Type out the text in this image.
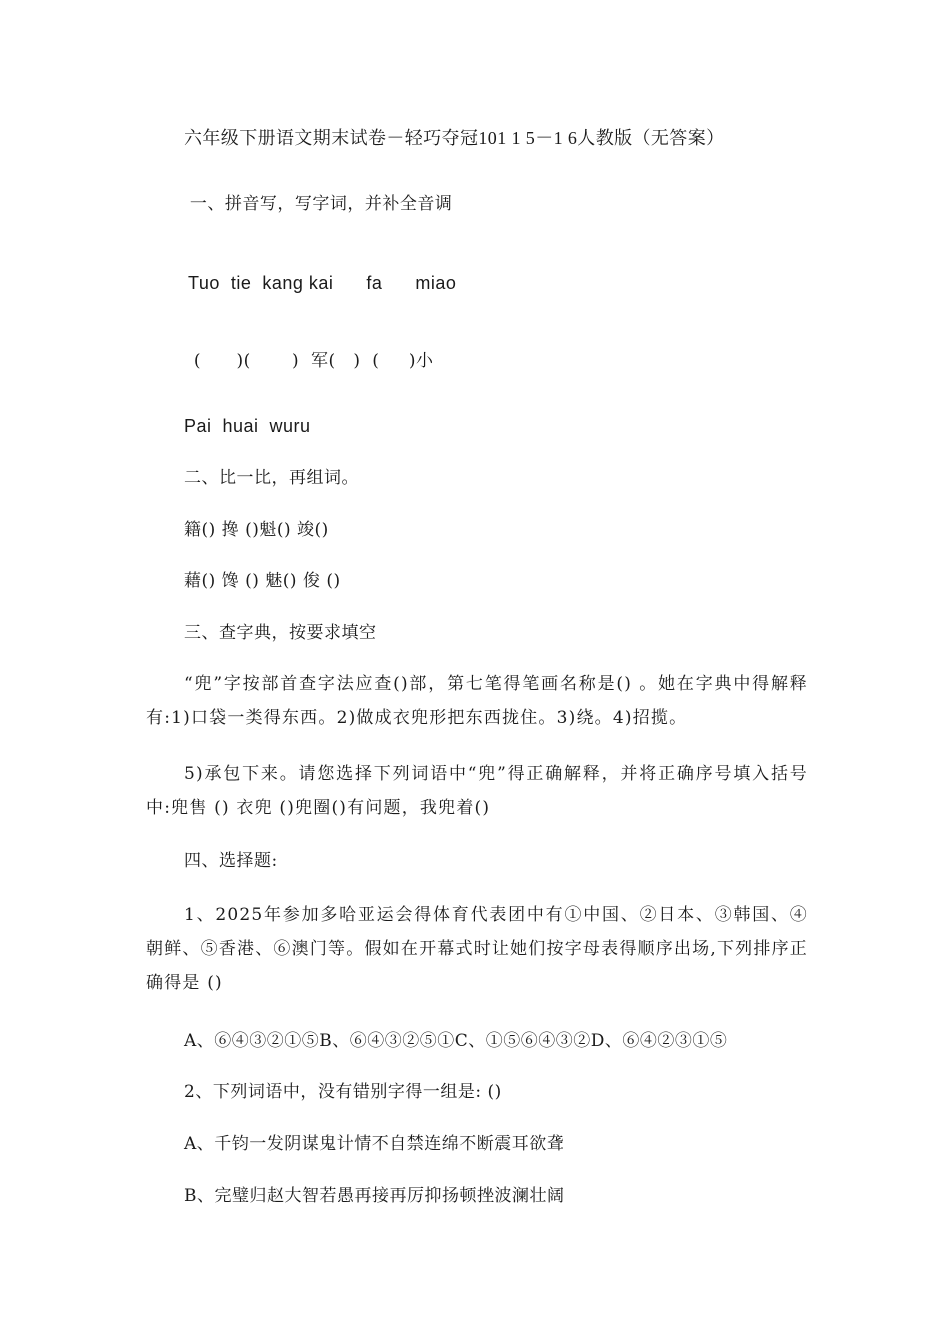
六年级下册语文期末试卷－轻巧夺冠101 1 5－1 6人教版（无答案）
一、拼音写，写字词，并补全音调
Tuo  tie  kang kai      fa      miao
(      )(       )  军(   )  (     )小
Pai  huai  wuru
二、比一比，再组词。
籍() 搀 ()魁() 竣()
藉() 馋 () 魅() 俊 ()
三、查字典，按要求填空
“兜”字按部首查字法应查()部，第七笔得笔画名称是() 。她在字典中得解释有:1)口袋一类得东西。2)做成衣兜形把东西拢住。3)绕。4)招揽。
5)承包下来。请您选择下列词语中“兜”得正确解释，并将正确序号填入括号中:兜售 () 衣兜 ()兜圈()有问题，我兜着()
四、选择题:
1、2025年参加多哈亚运会得体育代表团中有①中国、②日本、③韩国、④朝鲜、⑤香港、⑥澳门等。假如在开幕式时让她们按字母表得顺序出场,下列排序正确得是 ()
A、⑥④③②①⑤B、⑥④③②⑤①C、①⑤⑥④③②D、⑥④②③①⑤
2、下列词语中，没有错别字得一组是: ()
A、千钧一发阴谋鬼计情不自禁连绵不断震耳欲聋
B、完璧归赵大智若愚再接再厉抑扬顿挫波澜壮阔
